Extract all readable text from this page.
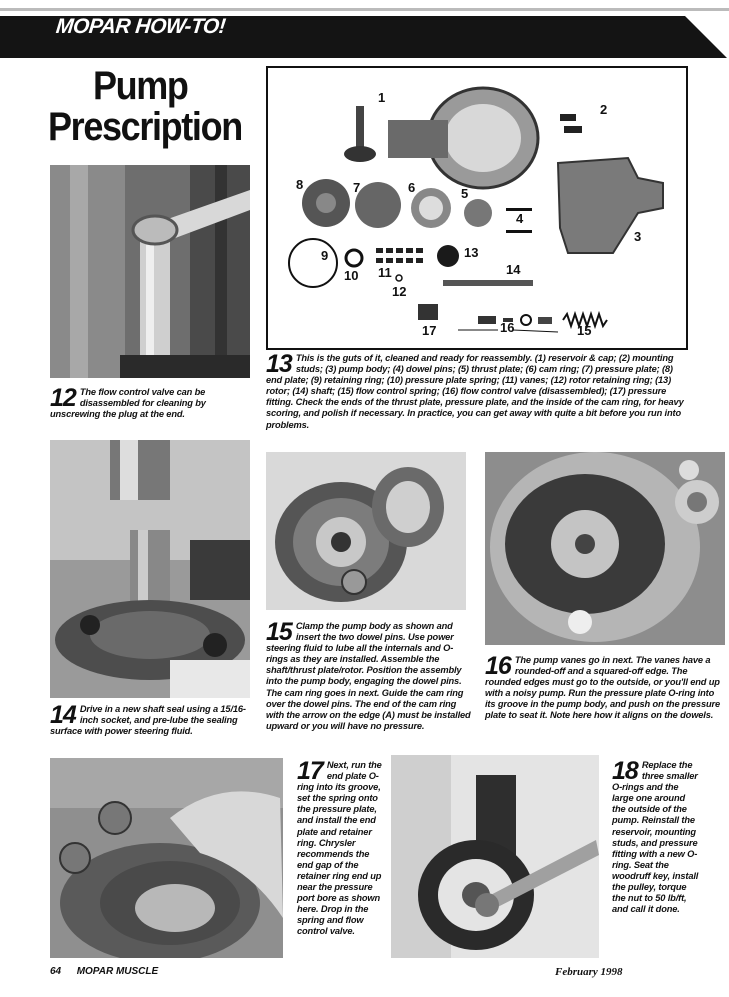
MOPAR HOW-TO!
Pump
Prescription
12 The flow control valve can be disassembled for cleaning by unscrewing the plug at the end.
1
2
3
4
5
6
7
8
9
10 11
12
13
14
15
16
17
13 This is the guts of it, cleaned and ready for reassembly. (1) reservoir & cap; (2) mounting studs; (3) pump body; (4) dowel pins; (5) thrust plate; (6) cam ring; (7) pressure plate; (8) end plate; (9) retaining ring; (10) pressure plate spring; (11) vanes; (12) rotor retaining ring; (13) rotor; (14) shaft; (15) flow control spring; (16) flow control valve (disassembled); (17) pressure fitting. Check the ends of the thrust plate, pressure plate, and the inside of the cam ring, for heavy scoring, and polish if necessary. In practice, you can get away with quite a bit before you run into problems.
14 Drive in a new shaft seal using a 15/16-inch socket, and pre-lube the sealing surface with power steering fluid.
15 Clamp the pump body as shown and insert the two dowel pins. Use power steering fluid to lube all the internals and O-rings as they are installed. Assemble the shaft/thrust plate/rotor. Position the assembly into the pump body, engaging the dowel pins. The cam ring goes in next. Guide the cam ring over the dowel pins. The end of the cam ring with the arrow on the edge (A) must be installed upward or you will have no pressure.
16 The pump vanes go in next. The vanes have a rounded-off and a squared-off edge. The rounded edges must go to the outside, or you'll end up with a noisy pump. Run the pressure plate O-ring into its groove in the pump body, and push on the pressure plate to seat it. Note here how it aligns on the dowels.
17 Next, run the end plate O-ring into its groove, set the spring onto the pressure plate, and install the end plate and retainer ring. Chrysler recommends the end gap of the retainer ring end up near the pressure port bore as shown here. Drop in the spring and flow control valve.
18 Replace the three smaller O-rings and the large one around the outside of the pump. Reinstall the reservoir, mounting studs, and pressure fitting with a new O-ring. Seat the woodruff key, install the pulley, torque the nut to 50 lb/ft, and call it done.
64 MOPAR MUSCLE	February 1998
